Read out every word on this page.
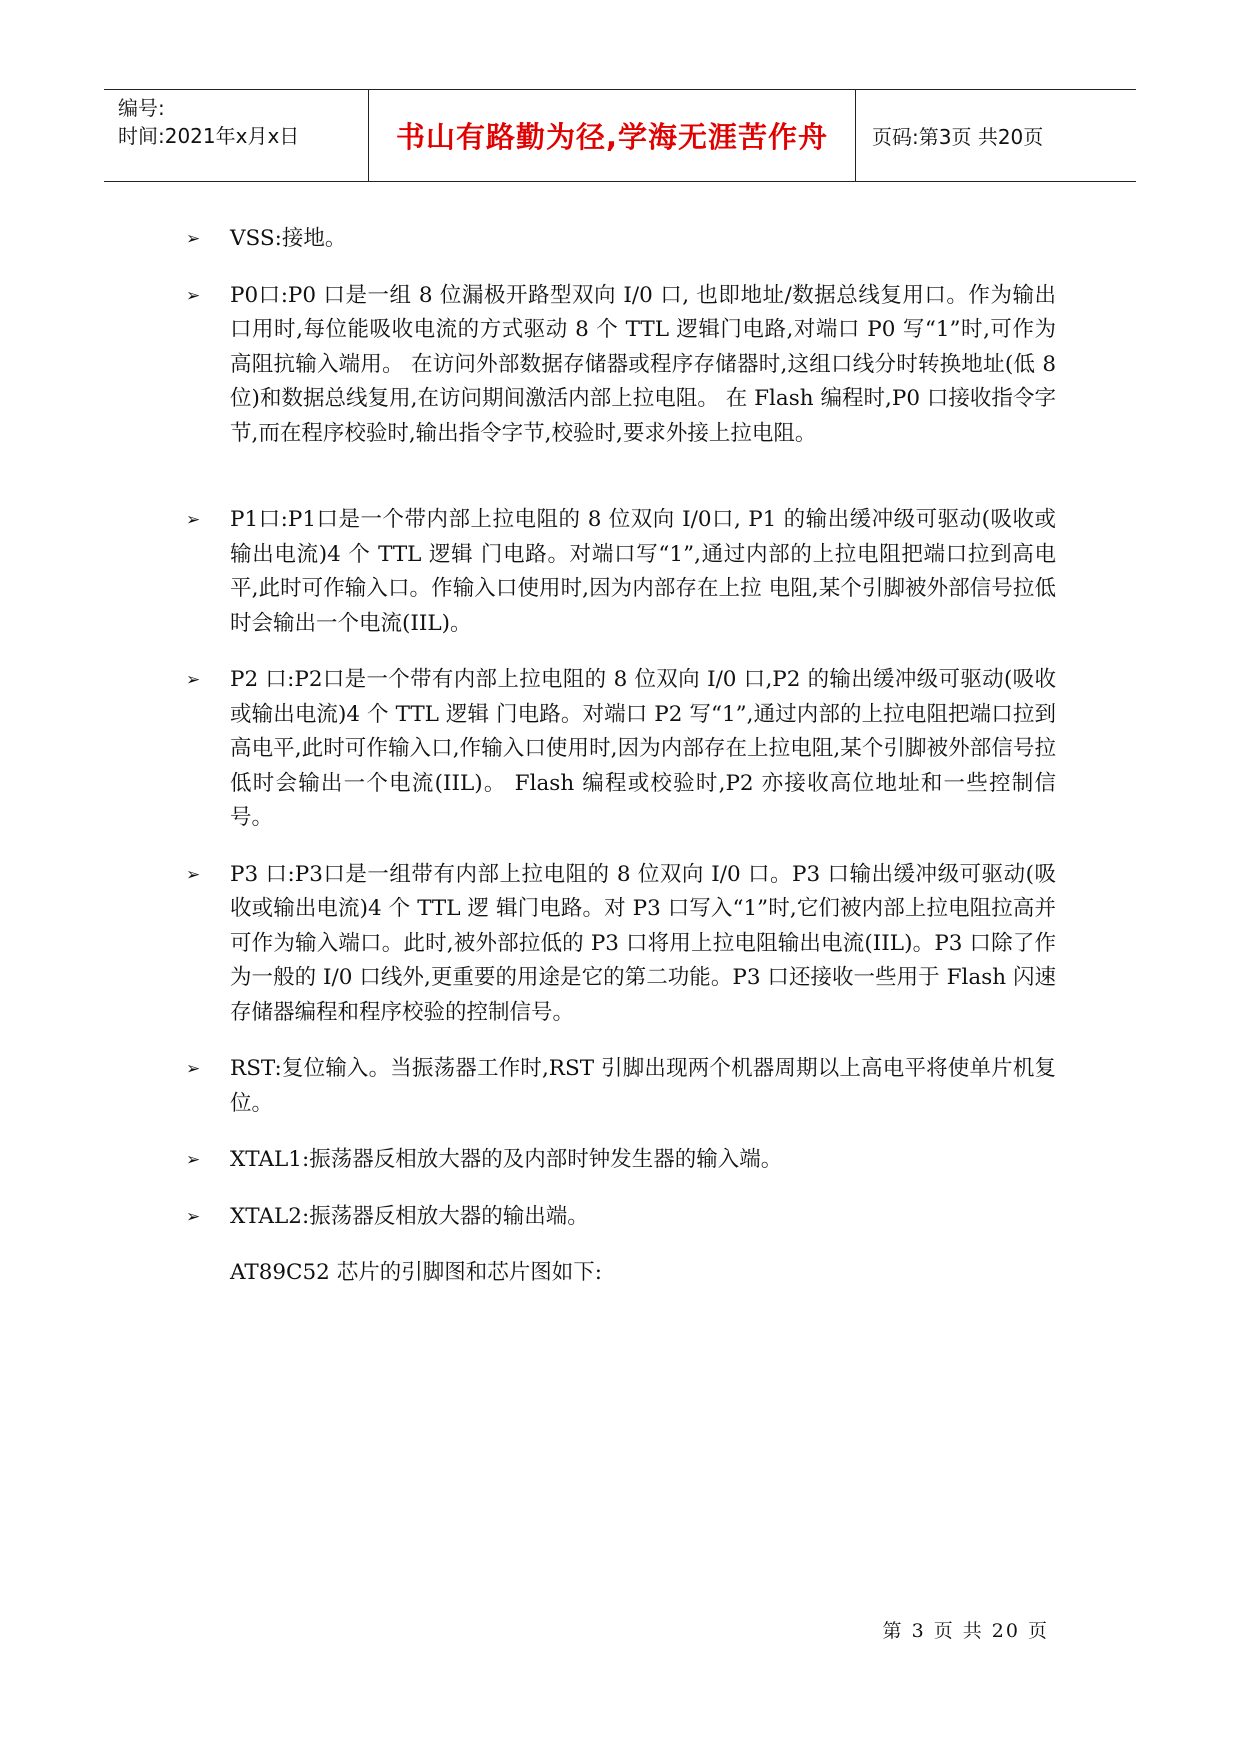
编号:
时间:2021年x月x日	书山有路勤为径,学海无涯苦作舟	页码:第3页 共20页
➢	VSS:接地。
➢	P0口:P0 口是一组 8 位漏极开路型双向 I/0 口, 也即地址/数据总线复用口。作为输出口用时,每位能吸收电流的方式驱动 8 个 TTL 逻辑门电路,对端口 P0 写“1”时,可作为高阻抗输入端用。 在访问外部数据存储器或程序存储器时,这组口线分时转换地址(低 8 位)和数据总线复用,在访问期间激活内部上拉电阻。 在 Flash 编程时,P0 口接收指令字节,而在程序校验时,输出指令字节,校验时,要求外接上拉电阻。
➢	P1口:P1口是一个带内部上拉电阻的 8 位双向 I/0口, P1 的输出缓冲级可驱动(吸收或输出电流)4 个 TTL 逻辑 门电路。对端口写“1”,通过内部的上拉电阻把端口拉到高电平,此时可作输入口。作输入口使用时,因为内部存在上拉 电阻,某个引脚被外部信号拉低时会输出一个电流(IIL)。
➢	P2 口:P2口是一个带有内部上拉电阻的 8 位双向 I/0 口,P2 的输出缓冲级可驱动(吸收或输出电流)4 个 TTL 逻辑 门电路。对端口 P2 写“1”,通过内部的上拉电阻把端口拉到高电平,此时可作输入口,作输入口使用时,因为内部存在上拉电阻,某个引脚被外部信号拉低时会输出一个电流(IIL)。 Flash 编程或校验时,P2 亦接收高位地址和一些控制信号。
➢	P3 口:P3口是一组带有内部上拉电阻的 8 位双向 I/0 口。P3 口输出缓冲级可驱动(吸收或输出电流)4 个 TTL 逻 辑门电路。对 P3 口写入“1”时,它们被内部上拉电阻拉高并可作为输入端口。此时,被外部拉低的 P3 口将用上拉电阻输出电流(IIL)。P3 口除了作为一般的 I/0 口线外,更重要的用途是它的第二功能。P3 口还接收一些用于 Flash 闪速存储器编程和程序校验的控制信号。
➢	RST:复位输入。当振荡器工作时,RST 引脚出现两个机器周期以上高电平将使单片机复位。
➢	XTAL1:振荡器反相放大器的及内部时钟发生器的输入端。
➢	XTAL2:振荡器反相放大器的输出端。
AT89C52 芯片的引脚图和芯片图如下:
第 3 页 共 20 页
